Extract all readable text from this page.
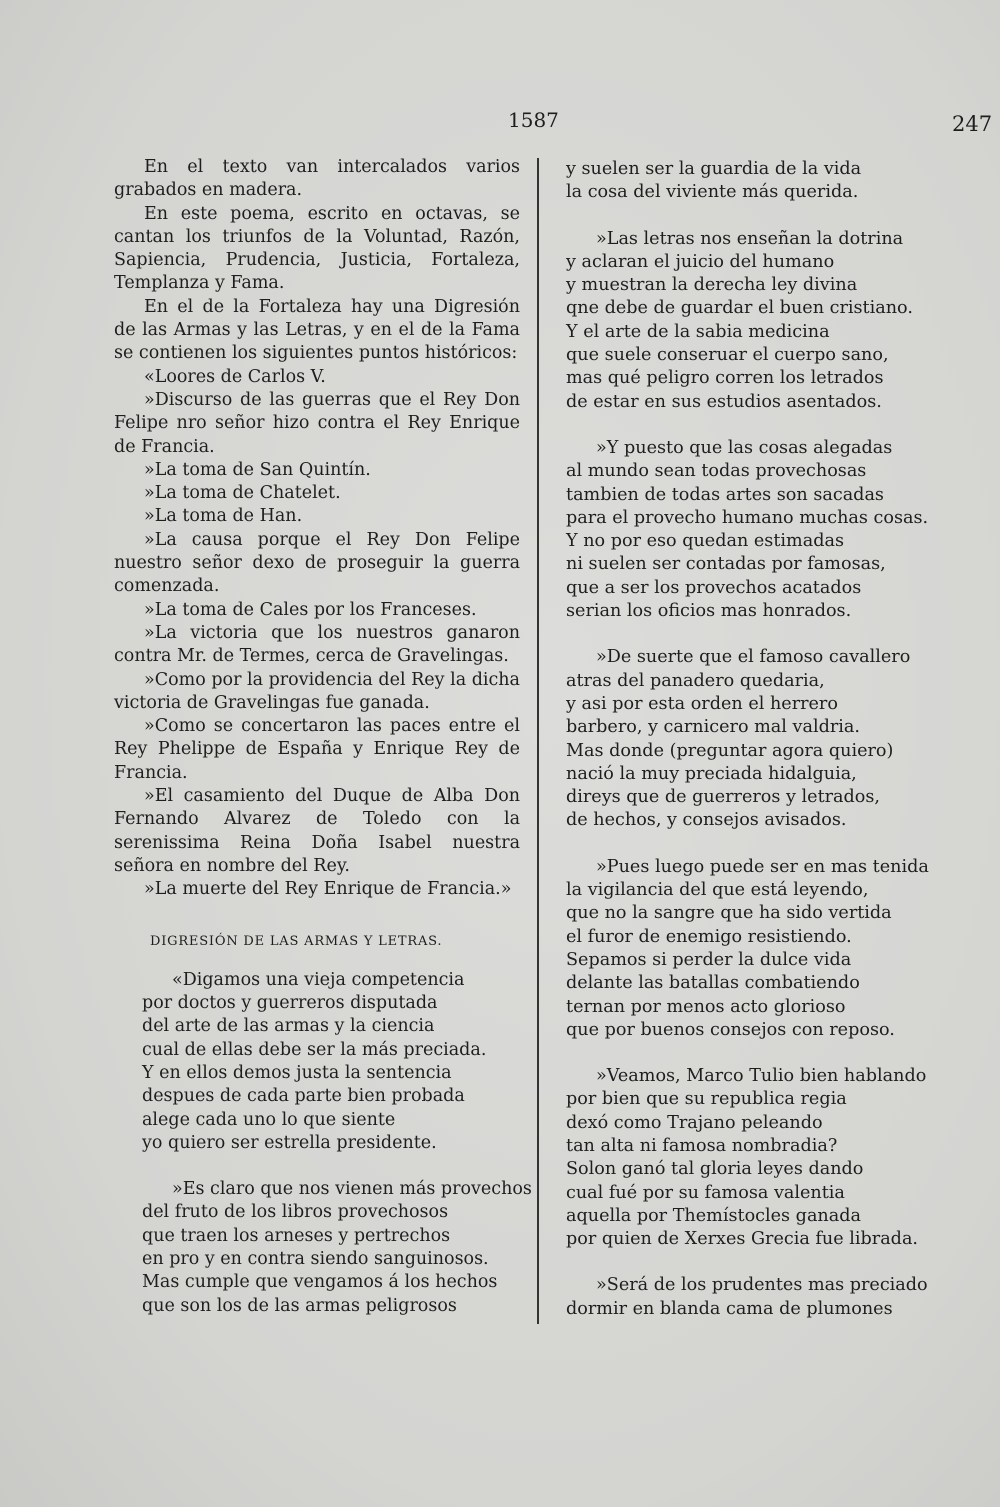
1587	247

En el texto van intercalados varios grabados en madera.

En este poema, escrito en octavas, se cantan los triunfos de la Voluntad, Razón, Sapiencia, Prudencia, Justicia, Fortaleza, Templanza y Fama.

En el de la Fortaleza hay una Digresión de las Armas y las Letras, y en el de la Fama se contienen los siguientes puntos históricos:

«Loores de Carlos V.

»Discurso de las guerras que el Rey Don Felipe nro señor hizo contra el Rey Enrique de Francia.

»La toma de San Quintín.

»La toma de Chatelet.

»La toma de Han.

»La causa porque el Rey Don Felipe nuestro señor dexo de proseguir la guerra comenzada.

»La toma de Cales por los Franceses.

»La victoria que los nuestros ganaron contra Mr. de Termes, cerca de Gravelingas.

»Como por la providencia del Rey la dicha victoria de Gravelingas fue ganada.

»Como se concertaron las paces entre el Rey Phelippe de España y Enrique Rey de Francia.

»El casamiento del Duque de Alba Don Fernando Alvarez de Toledo con la serenissima Reina Doña Isabel nuestra señora en nombre del Rey.

»La muerte del Rey Enrique de Francia.»

DIGRESIÓN DE LAS ARMAS Y LETRAS.
«Digamos una vieja competencia
por doctos y guerreros disputada
del arte de las armas y la ciencia
cual de ellas debe ser la más preciada.
Y en ellos demos justa la sentencia
despues de cada parte bien probada
alege cada uno lo que siente
yo quiero ser estrella presidente.
»Es claro que nos vienen más provechos
del fruto de los libros provechosos
que traen los arneses y pertrechos
en pro y en contra siendo sanguinosos.
Mas cumple que vengamos á los hechos
que son los de las armas peligrosos
y suelen ser la guardia de la vida
la cosa del viviente más querida.
»Las letras nos enseñan la dotrina
y aclaran el juicio del humano
y muestran la derecha ley divina
qne debe de guardar el buen cristiano.
Y el arte de la sabia medicina
que suele conseruar el cuerpo sano,
mas qué peligro corren los letrados
de estar en sus estudios asentados.
»Y puesto que las cosas alegadas
al mundo sean todas provechosas
tambien de todas artes son sacadas
para el provecho humano muchas cosas.
Y no por eso quedan estimadas
ni suelen ser contadas por famosas,
que a ser los provechos acatados
serian los oficios mas honrados.
»De suerte que el famoso cavallero
atras del panadero quedaria,
y asi por esta orden el herrero
barbero, y carnicero mal valdria.
Mas donde (preguntar agora quiero)
nació la muy preciada hidalguia,
direys que de guerreros y letrados,
de hechos, y consejos avisados.
»Pues luego puede ser en mas tenida
la vigilancia del que está leyendo,
que no la sangre que ha sido vertida
el furor de enemigo resistiendo.
Sepamos si perder la dulce vida
delante las batallas combatiendo
ternan por menos acto glorioso
que por buenos consejos con reposo.
»Veamos, Marco Tulio bien hablando
por bien que su republica regia
dexó como Trajano peleando
tan alta ni famosa nombradia?
Solon ganó tal gloria leyes dando
cual fué por su famosa valentia
aquella por Themístocles ganada
por quien de Xerxes Grecia fue librada.
»Será de los prudentes mas preciado
dormir en blanda cama de plumones
